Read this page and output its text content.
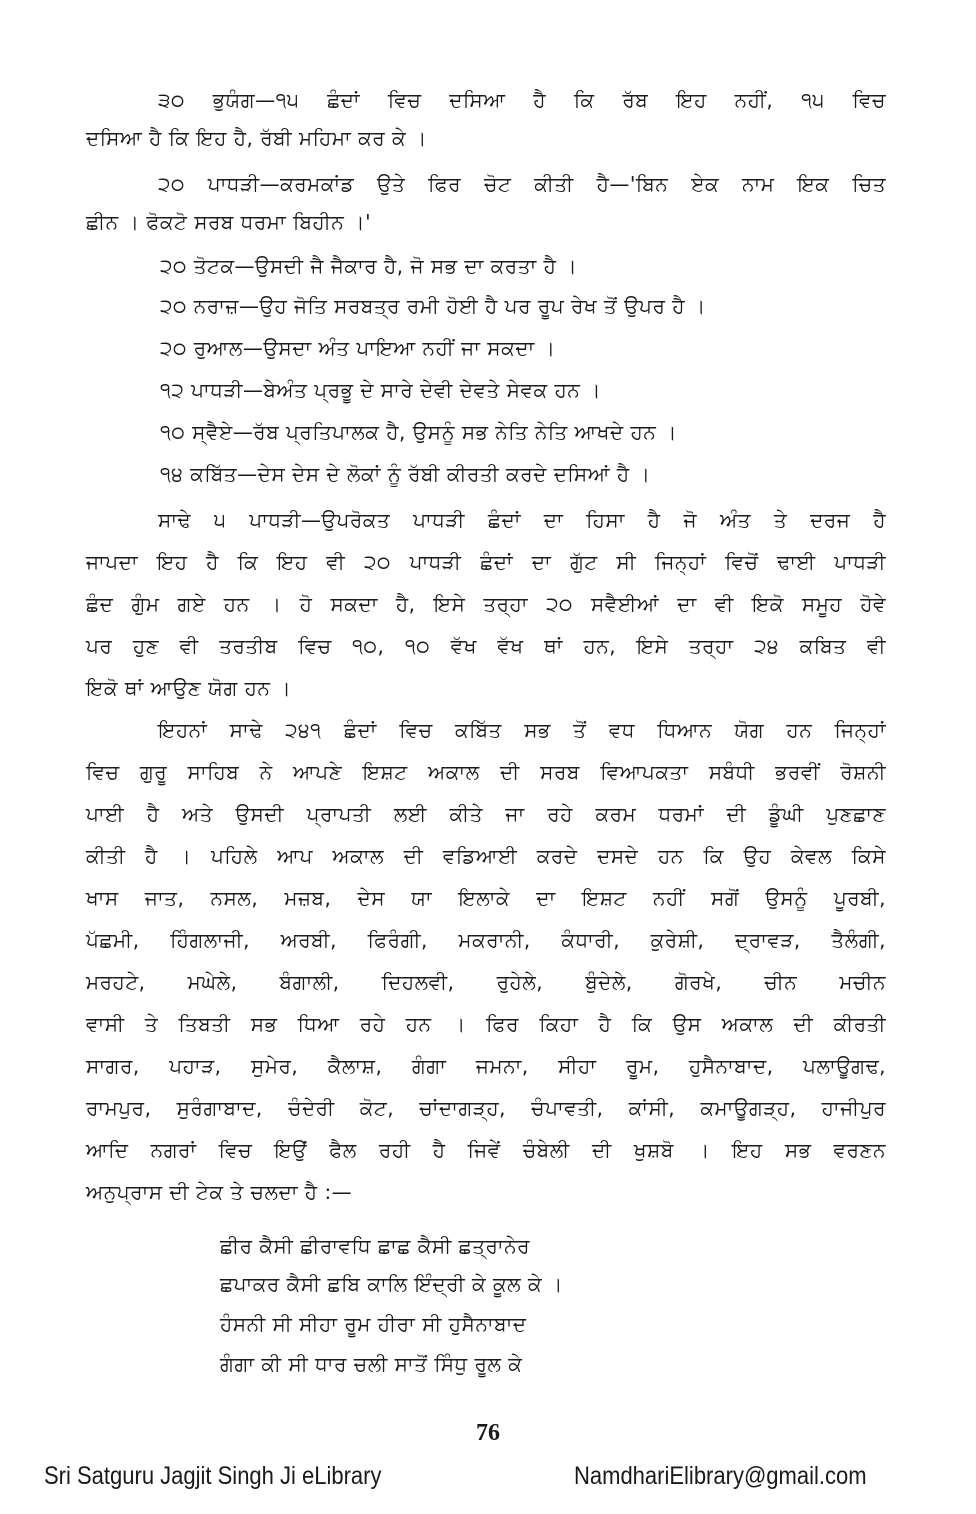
੩੦ ਭੁਯੰਗ—੧੫ ਛੰਦਾਂ ਵਿਚ ਦਸਿਆ ਹੈ ਕਿ ਰੱਬ ਇਹ ਨਹੀਂ, ੧੫ ਵਿਚ
ਦਸਿਆ ਹੈ ਕਿ ਇਹ ਹੈ, ਰੱਬੀ ਮਹਿਮਾ ਕਰ ਕੇ ।
੨੦ ਪਾਧੜੀ—ਕਰਮਕਾਂਡ ਉਤੇ ਫਿਰ ਚੋਟ ਕੀਤੀ ਹੈ—'ਬਿਨ ਏਕ ਨਾਮ ਇਕ ਚਿਤ
ਛੀਨ । ਫੋਕਟੋ ਸਰਬ ਧਰਮਾ ਬਿਹੀਨ ।'
੨੦ ਤੋਟਕ—ਉਸਦੀ ਜੈ ਜੈਕਾਰ ਹੈ, ਜੋ ਸਭ ਦਾ ਕਰਤਾ ਹੈ ।
੨੦ ਨਰਾਜ਼—ਉਹ ਜੋਤਿ ਸਰਬਤ੍ਰ ਰਮੀ ਹੋਈ ਹੈ ਪਰ ਰੂਪ ਰੇਖ ਤੋਂ ਉਪਰ ਹੈ ।
੨੦ ਰੁਆਲ—ਉਸਦਾ ਅੰਤ ਪਾਇਆ ਨਹੀਂ ਜਾ ਸਕਦਾ ।
੧੨ ਪਾਧੜੀ—ਬੇਅੰਤ ਪ੍ਰਭੂ ਦੇ ਸਾਰੇ ਦੇਵੀ ਦੇਵਤੇ ਸੇਵਕ ਹਨ ।
੧੦ ਸ੍ਵੈਏ—ਰੱਬ ਪ੍ਰਤਿਪਾਲਕ ਹੈ, ਉਸਨੂੰ ਸਭ ਨੇਤਿ ਨੇਤਿ ਆਖਦੇ ਹਨ ।
੧੪ ਕਬਿੱਤ—ਦੇਸ ਦੇਸ ਦੇ ਲੋਕਾਂ ਨੂੰ ਰੱਬੀ ਕੀਰਤੀ ਕਰਦੇ ਦਸਿਆਂ ਹੈ ।
ਸਾਢੇ ੫ ਪਾਧੜੀ—ਉਪਰੋਕਤ ਪਾਧੜੀ ਛੰਦਾਂ ਦਾ ਹਿਸਾ ਹੈ ਜੋ ਅੰਤ ਤੇ ਦਰਜ ਹੈ
ਜਾਪਦਾ ਇਹ ਹੈ ਕਿ ਇਹ ਵੀ ੨੦ ਪਾਧੜੀ ਛੰਦਾਂ ਦਾ ਗੁੱਟ ਸੀ ਜਿਨ੍ਹਾਂ ਵਿਚੋਂ ਢਾਈ ਪਾਧੜੀ
ਛੰਦ ਗੁੰਮ ਗਏ ਹਨ । ਹੋ ਸਕਦਾ ਹੈ, ਇਸੇ ਤਰ੍ਹਾ ੨੦ ਸਵੈਈਆਂ ਦਾ ਵੀ ਇਕੋ ਸਮੂਹ ਹੋਵੇ
ਪਰ ਹੁਣ ਵੀ ਤਰਤੀਬ ਵਿਚ ੧੦, ੧੦ ਵੱਖ ਵੱਖ ਥਾਂ ਹਨ, ਇਸੇ ਤਰ੍ਹਾ ੨੪ ਕਬਿਤ ਵੀ
ਇਕੋ ਥਾਂ ਆਉਣ ਯੋਗ ਹਨ ।
ਇਹਨਾਂ ਸਾਢੇ ੨੪੧ ਛੰਦਾਂ ਵਿਚ ਕਬਿੱਤ ਸਭ ਤੋਂ ਵਧ ਧਿਆਨ ਯੋਗ ਹਨ ਜਿਨ੍ਹਾਂ
ਵਿਚ ਗੁਰੂ ਸਾਹਿਬ ਨੇ ਆਪਣੇ ਇਸ਼ਟ ਅਕਾਲ ਦੀ ਸਰਬ ਵਿਆਪਕਤਾ ਸਬੰਧੀ ਭਰਵੀਂ ਰੋਸ਼ਨੀ
ਪਾਈ ਹੈ ਅਤੇ ਉਸਦੀ ਪ੍ਰਾਪਤੀ ਲਈ ਕੀਤੇ ਜਾ ਰਹੇ ਕਰਮ ਧਰਮਾਂ ਦੀ ਡੂੰਘੀ ਪੁਣਛਾਣ
ਕੀਤੀ ਹੈ । ਪਹਿਲੇ ਆਪ ਅਕਾਲ ਦੀ ਵਡਿਆਈ ਕਰਦੇ ਦਸਦੇ ਹਨ ਕਿ ਉਹ ਕੇਵਲ ਕਿਸੇ
ਖਾਸ ਜਾਤ, ਨਸਲ, ਮਜ਼ਬ, ਦੇਸ ਯਾ ਇਲਾਕੇ ਦਾ ਇਸ਼ਟ ਨਹੀਂ ਸਗੋਂ ਉਸਨੂੰ ਪੂਰਬੀ,
ਪੱਛਮੀ, ਹਿੰਗਲਾਜੀ, ਅਰਬੀ, ਫਿਰੰਗੀ, ਮਕਰਾਨੀ, ਕੰਧਾਰੀ, ਕੁਰੇਸ਼ੀ, ਦ੍ਰਾਵੜ, ਤੈਲੰਗੀ,
ਮਰਹਟੇ, ਮਘੇਲੇ, ਬੰਗਾਲੀ, ਦਿਹਲਵੀ, ਰੁਹੇਲੇ, ਬੁੰਦੇਲੇ, ਗੋਰਖੇ, ਚੀਨ ਮਚੀਨ
ਵਾਸੀ ਤੇ ਤਿਬਤੀ ਸਭ ਧਿਆ ਰਹੇ ਹਨ । ਫਿਰ ਕਿਹਾ ਹੈ ਕਿ ਉਸ ਅਕਾਲ ਦੀ ਕੀਰਤੀ
ਸਾਗਰ, ਪਹਾੜ, ਸੁਮੇਰ, ਕੈਲਾਸ਼, ਗੰਗਾ ਜਮਨਾ, ਸੀਹਾ ਰੂਮ, ਹੁਸੈਨਾਬਾਦ, ਪਲਾਊਗਢ,
ਰਾਮਪੁਰ, ਸੁਰੰਗਾਬਾਦ, ਚੰਦੇਰੀ ਕੋਟ, ਚਾਂਦਾਗੜ੍ਹ, ਚੰਪਾਵਤੀ, ਕਾਂਸੀ, ਕਮਾਊਗੜ੍ਹ, ਹਾਜੀਪੁਰ
ਆਦਿ ਨਗਰਾਂ ਵਿਚ ਇਉਂ ਫੈਲ ਰਹੀ ਹੈ ਜਿਵੇਂ ਚੰਬੇਲੀ ਦੀ ਖੁਸ਼ਬੋ । ਇਹ ਸਭ ਵਰਣਨ
ਅਨੁਪ੍ਰਾਸ ਦੀ ਟੇਕ ਤੇ ਚਲਦਾ ਹੈ :—
ਛੀਰ ਕੈਸੀ ਛੀਰਾਵਧਿ ਛਾਛ ਕੈਸੀ ਛਤ੍ਰਾਨੇਰ
ਛਪਾਕਰ ਕੈਸੀ ਛਬਿ ਕਾਲਿ ਇੰਦ੍ਰੀ ਕੇ ਕੂਲ ਕੇ ।
ਹੰਸਨੀ ਸੀ ਸੀਹਾ ਰੂਮ ਹੀਰਾ ਸੀ ਹੁਸੈਨਾਬਾਦ
ਗੰਗਾ ਕੀ ਸੀ ਧਾਰ ਚਲੀ ਸਾਤੋਂ ਸਿੰਧੁ ਰੂਲ ਕੇ
76
Sri Satguru Jagjit Singh Ji eLibrary	NamdhariElibrary@gmail.com
